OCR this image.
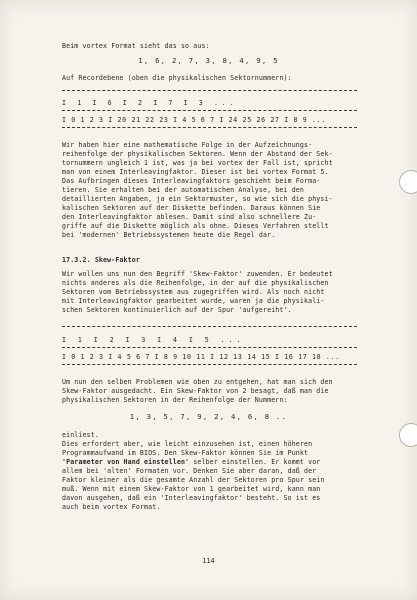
Beim vortex Format sieht das so aus:
1, 6, 2, 7, 3, 8, 4, 9, 5
Auf Recordebene (oben die physikalischen Sektornummern):
I 1 I 6 I 2 I 7 I 3 ...
I 0 1 2 3 I 20 21 22 23 I 4 5 6 7 I 24 25 26 27 I 8 9 ...
Wir haben hier eine mathematische Folge in der Aufzeichnungs-
reihenfolge der physikalischen Sektoren. Wenn der Abstand der Sek-
tornummern ungleich 1 ist, was ja bei vortex der Fall ist, spricht
man von einem Interleavingfaktor. Dieser ist bei vortex Format 5.
Das Aufbringen dieses Interleavingfaktors geschieht beim Forma-
tieren. Sie erhalten bei der automatischen Analyse, bei den
detaillierten Angaben, ja ein Sektormuster, so wie sich die physi-
kalischen Sektoren auf der Diskette befinden. Daraus können Sie
den Interleavingfaktor ablesen. Damit sind also schnellere Zu-
griffe auf die Diskette möglich als ohne. Dieses Verfahren stellt
bei 'modernen' Betriebssystemen heute die Regel dar.
17.3.2. Skew-Faktor
Wir wollen uns nun den Begriff 'Skew-Faktor' zuwenden. Er bedeutet
nichts anderes als die Reihenfolge, in der auf die physikalischen
Sektoren vom Betriebssystem aus zugegriffen wird. Als noch nicht
mit Interleavingfaktor gearbeitet wurde, waren ja die physikali-
schen Sektoren kontinuierlich auf der Spur 'aufgereiht'.
I 1 I 2 I 3 I 4 I 5 ...
I 0 1 2 3 I 4 5 6 7 I 8 9 10 11 I 12 13 14 15 I 16 17 18 ...
Um nun den selben Problemen wie oben zu entgehen, hat man sich den
Skew-Faktor ausgedacht. Ein Skew-Faktor von 2 besagt, daß man die
physikalischen Sektoren in der Reihenfolge der Nummern:
1, 3, 5, 7, 9, 2, 4, 6, 8 ..
einliest.
Dies erfordert aber, wie leicht einzusehen ist, einen höheren
Programmaufwand im BIOS. Den Skew-Faktor können Sie im Punkt
'Parameter von Hand einstellen' selber einstellen. Er kommt vor
allem bei 'alten' Formaten vor. Denken Sie aber daran, daß der
Faktor kleiner als die gesamte Anzahl der Sektoren pro Spur sein
muß. Wenn mit einem Skew-Faktor von 1 gearbeitet wird, kann man
davon ausgehen, daß ein 'Interleavingfaktor' besteht. So ist es
auch beim vortex Format.
114
